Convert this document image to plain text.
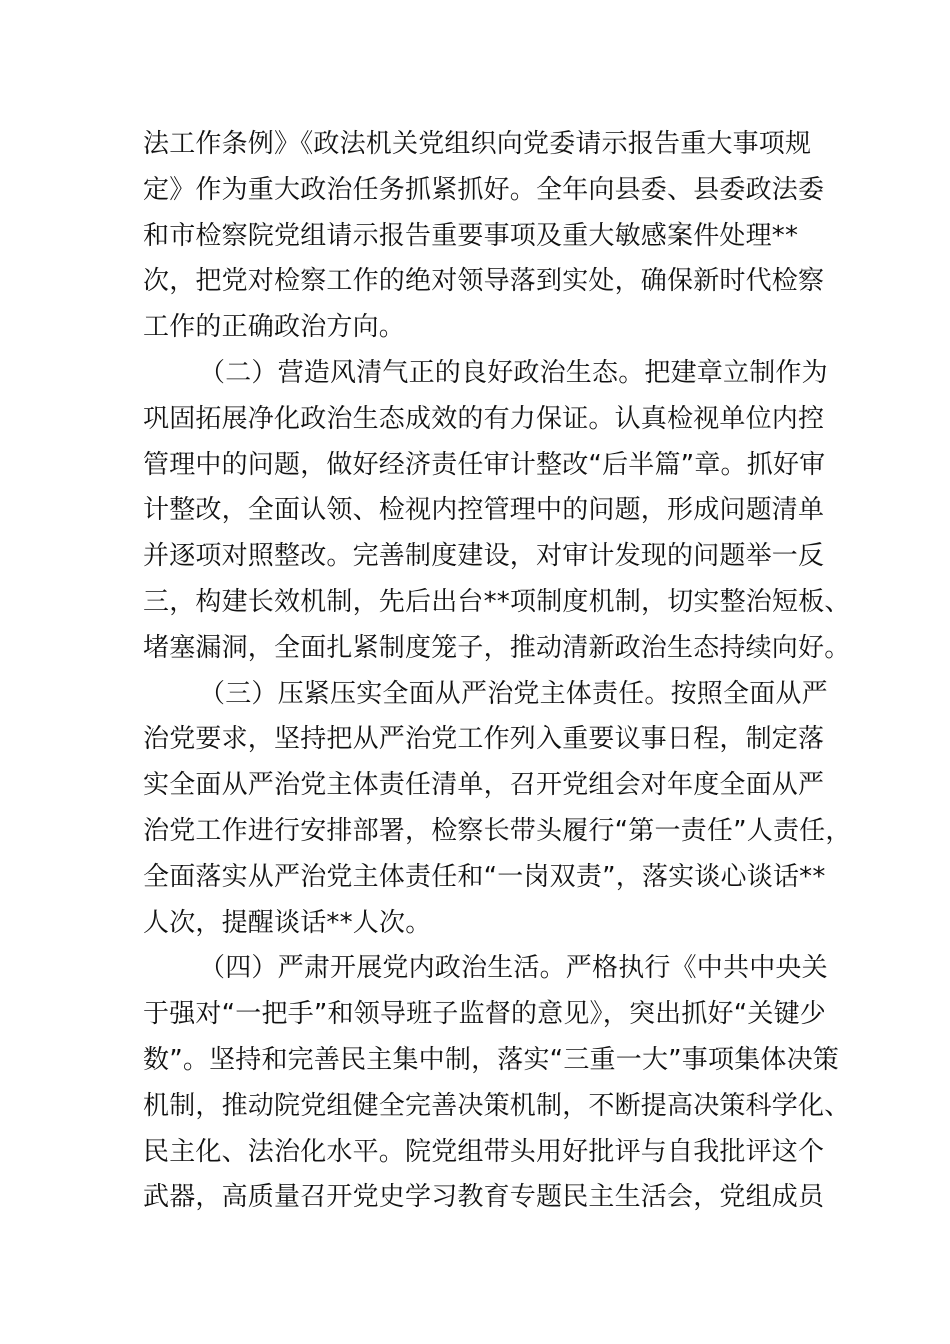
法工作条例》《政法机关党组织向党委请示报告重大事项规
定》作为重大政治任务抓紧抓好。全年向县委、县委政法委
和市检察院党组请示报告重要事项及重大敏感案件处理**
次，把党对检察工作的绝对领导落到实处，确保新时代检察
工作的正确政治方向。
（二）营造风清气正的良好政治生态。把建章立制作为
巩固拓展净化政治生态成效的有力保证。认真检视单位内控
管理中的问题，做好经济责任审计整改“后半篇”章。抓好审
计整改，全面认领、检视内控管理中的问题，形成问题清单
并逐项对照整改。完善制度建设，对审计发现的问题举一反
三，构建长效机制，先后出台**项制度机制，切实整治短板、
堵塞漏洞，全面扎紧制度笼子，推动清新政治生态持续向好。
（三）压紧压实全面从严治党主体责任。按照全面从严
治党要求，坚持把从严治党工作列入重要议事日程，制定落
实全面从严治党主体责任清单，召开党组会对年度全面从严
治党工作进行安排部署，检察长带头履行“第一责任”人责任，
全面落实从严治党主体责任和“一岗双责”，落实谈心谈话**
人次，提醒谈话**人次。
（四）严肃开展党内政治生活。严格执行《中共中央关
于强对“一把手”和领导班子监督的意见》，突出抓好“关键少
数”。坚持和完善民主集中制，落实“三重一大”事项集体决策
机制，推动院党组健全完善决策机制，不断提高决策科学化、
民主化、法治化水平。院党组带头用好批评与自我批评这个
武器，高质量召开党史学习教育专题民主生活会，党组成员
